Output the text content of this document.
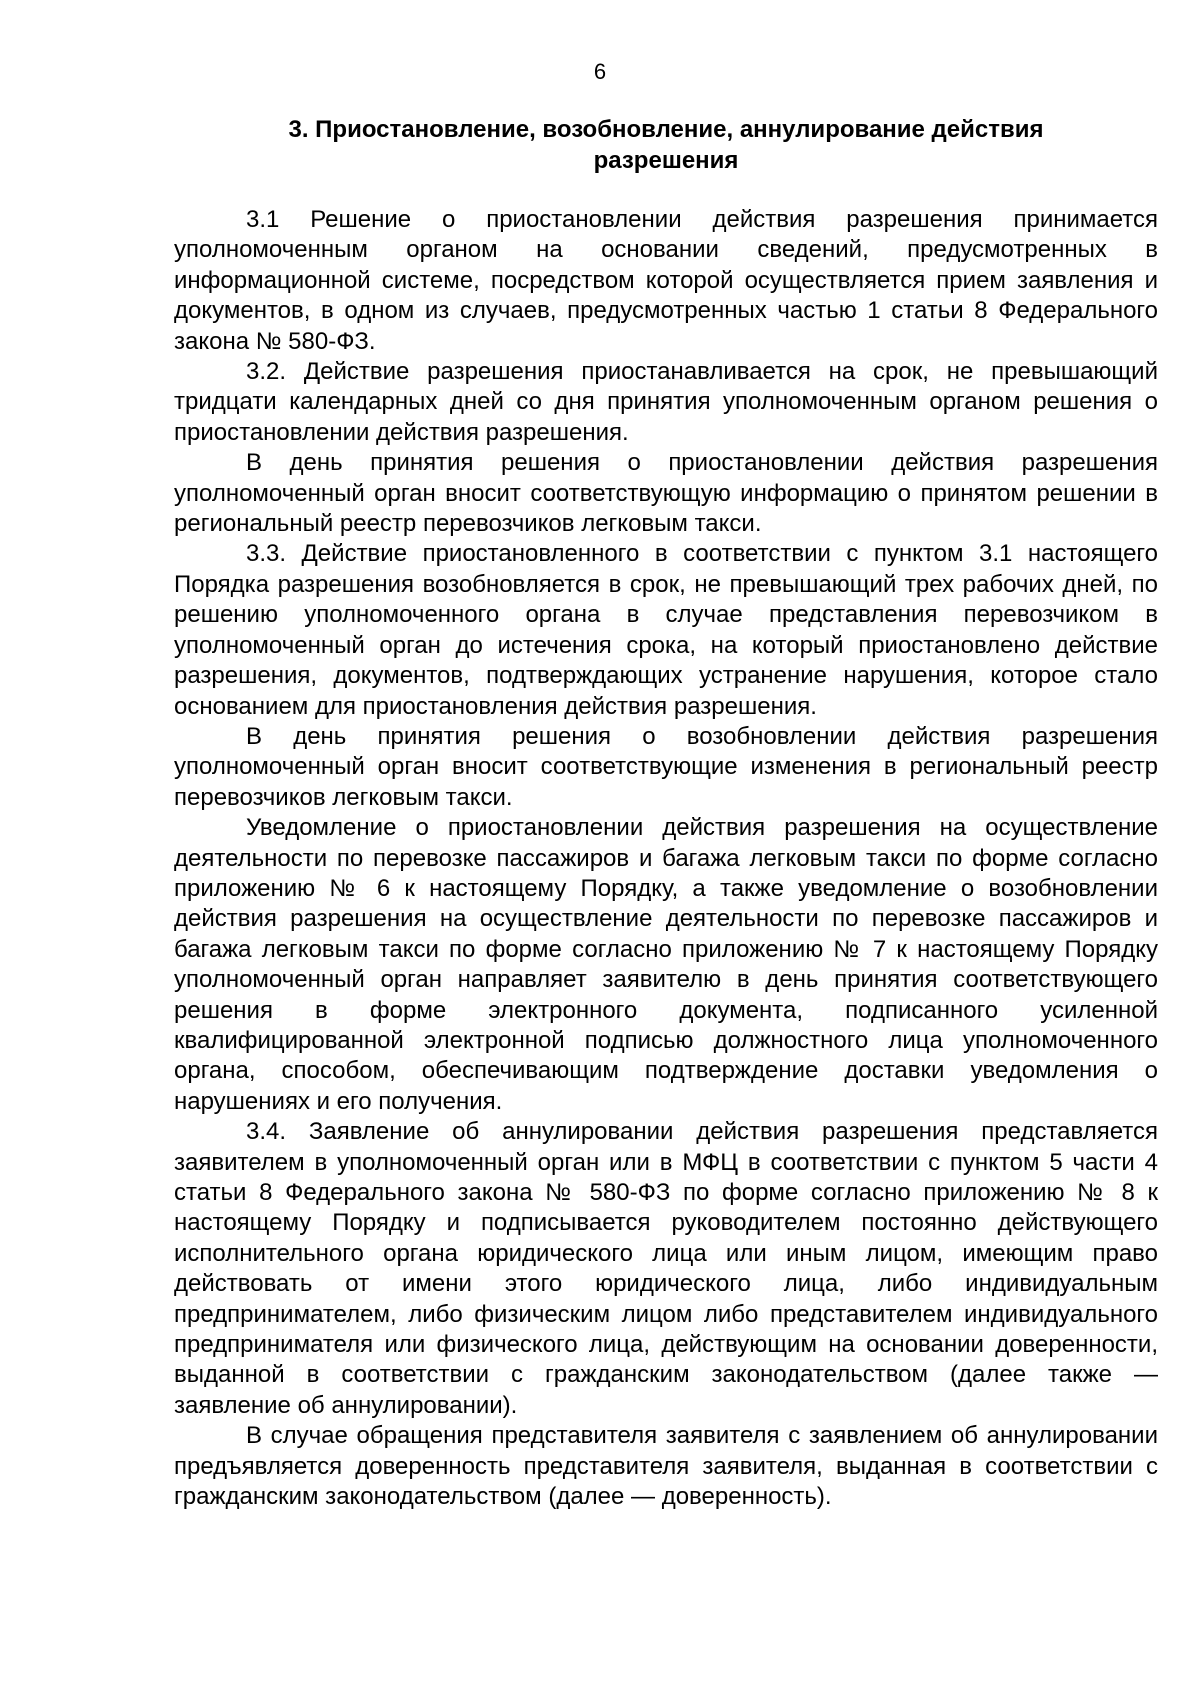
6
3. Приостановление, возобновление, аннулирование действия
разрешения

3.1 Решение о приостановлении действия разрешения принимается уполномоченным органом на основании сведений, предусмотренных в информационной системе, посредством которой осуществляется прием заявления и документов, в одном из случаев, предусмотренных частью 1 статьи 8 Федерального закона № 580-ФЗ.

3.2. Действие разрешения приостанавливается на срок, не превышающий тридцати календарных дней со дня принятия уполномоченным органом решения о приостановлении действия разрешения.

В день принятия решения о приостановлении действия разрешения уполномоченный орган вносит соответствующую информацию о принятом решении в региональный реестр перевозчиков легковым такси.

3.3. Действие приостановленного в соответствии с пунктом 3.1 настоящего Порядка разрешения возобновляется в срок, не превышающий трех рабочих дней, по решению уполномоченного органа в случае представления перевозчиком в уполномоченный орган до истечения срока, на который приостановлено действие разрешения, документов, подтверждающих устранение нарушения, которое стало основанием для приостановления действия разрешения.

В день принятия решения о возобновлении действия разрешения уполномоченный орган вносит соответствующие изменения в региональный реестр перевозчиков легковым такси.

Уведомление о приостановлении действия разрешения на осуществление деятельности по перевозке пассажиров и багажа легковым такси по форме согласно приложению № 6 к настоящему Порядку, а также уведомление о возобновлении действия разрешения на осуществление деятельности по перевозке пассажиров и багажа легковым такси по форме согласно приложению № 7 к настоящему Порядку уполномоченный орган направляет заявителю в день принятия соответствующего решения в форме электронного документа, подписанного усиленной квалифицированной электронной подписью должностного лица уполномоченного органа, способом, обеспечивающим подтверждение доставки уведомления о нарушениях и его получения.

3.4. Заявление об аннулировании действия разрешения представляется заявителем в уполномоченный орган или в МФЦ в соответствии с пунктом 5 части 4 статьи 8 Федерального закона № 580-ФЗ по форме согласно приложению № 8 к настоящему Порядку и подписывается руководителем постоянно действующего исполнительного органа юридического лица или иным лицом, имеющим право действовать от имени этого юридического лица, либо индивидуальным предпринимателем, либо физическим лицом либо представителем индивидуального предпринимателя или физического лица, действующим на основании доверенности, выданной в соответствии с гражданским законодательством (далее также — заявление об аннулировании).

В случае обращения представителя заявителя с заявлением об аннулировании предъявляется доверенность представителя заявителя, выданная в соответствии с гражданским законодательством (далее — доверенность).
